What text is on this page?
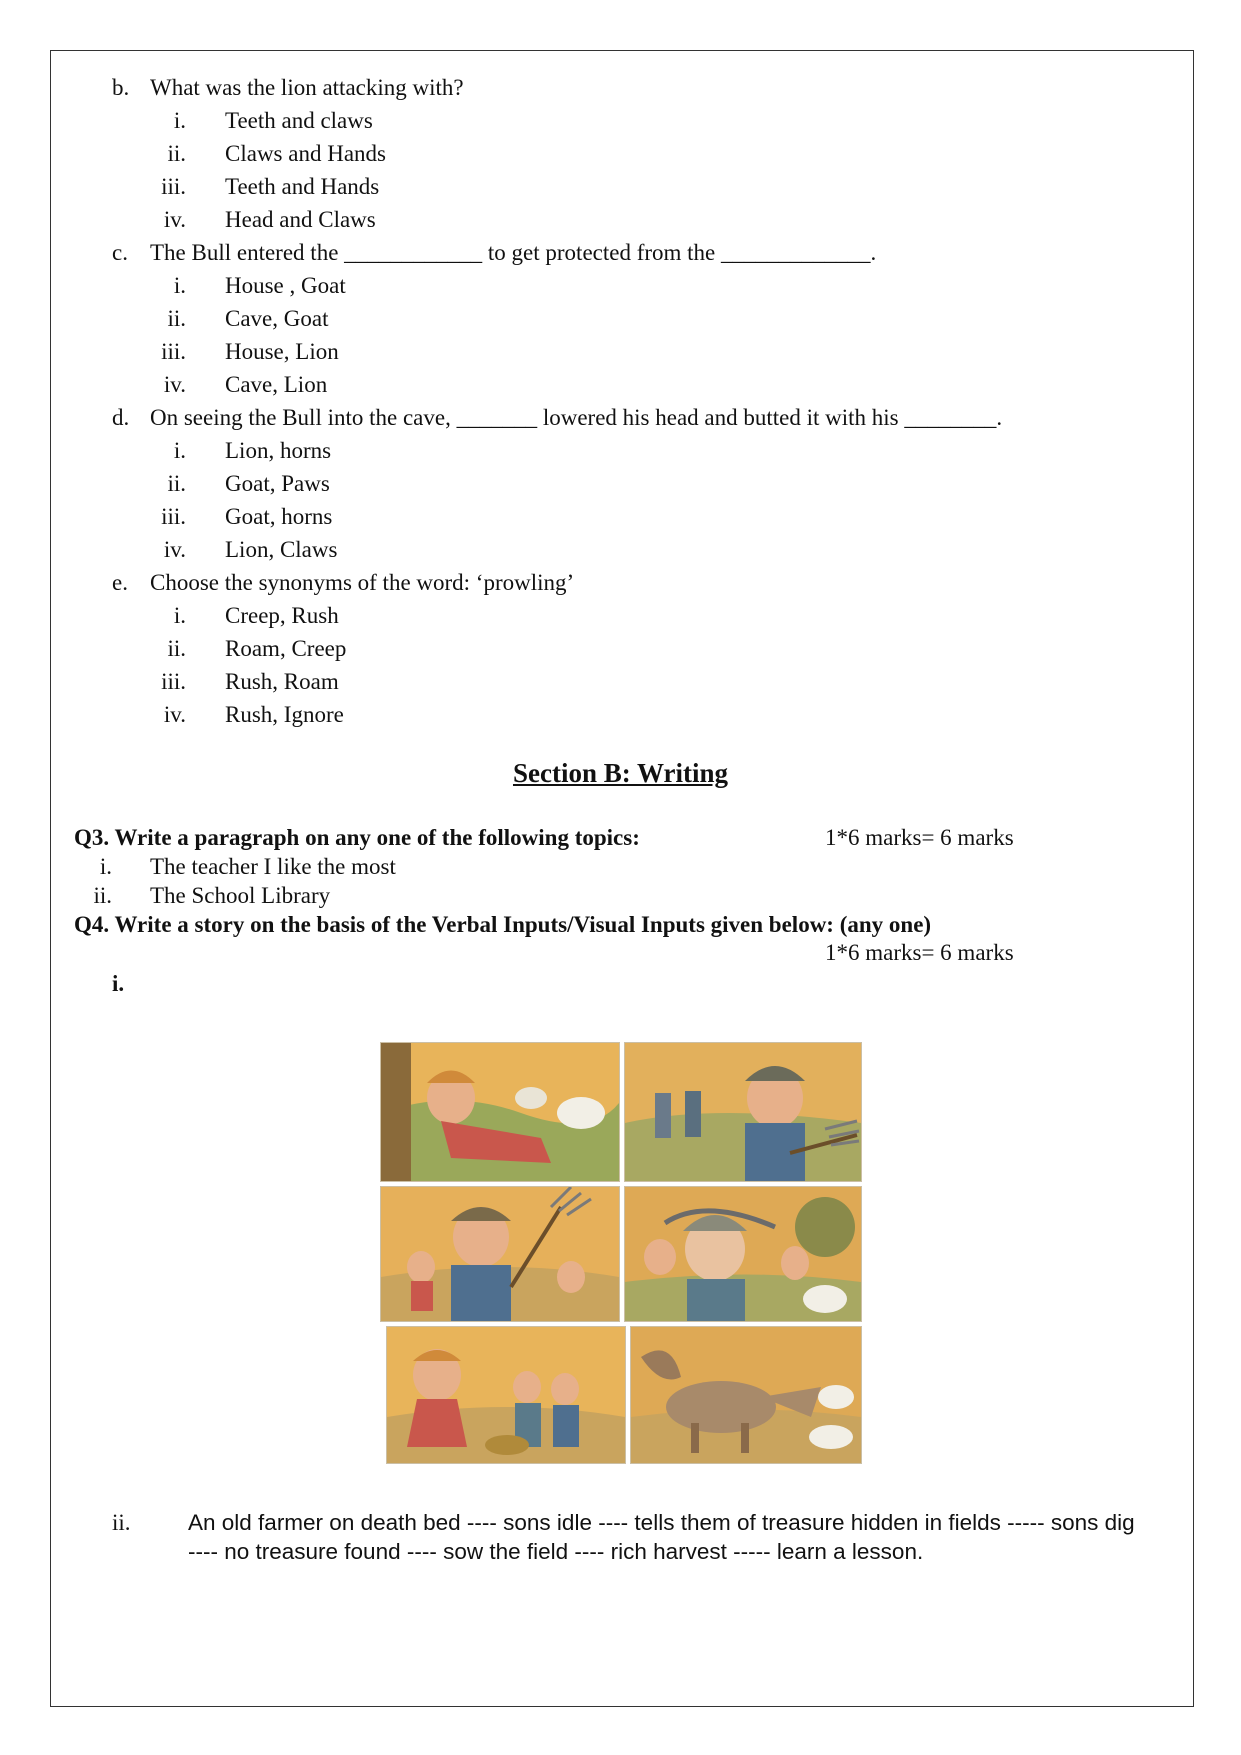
b. What was the lion attacking with?
i. Teeth and claws
ii. Claws and Hands
iii. Teeth and Hands
iv. Head and Claws
c. The Bull entered the ____________ to get protected from the _____________.
i. House , Goat
ii. Cave, Goat
iii. House, Lion
iv. Cave, Lion
d. On seeing the Bull into the cave, _______ lowered his head and butted it with his ________.
i. Lion, horns
ii. Goat, Paws
iii. Goat, horns
iv. Lion, Claws
e. Choose the synonyms of the word: ‘prowling’
i. Creep, Rush
ii. Roam, Creep
iii. Rush, Roam
iv. Rush, Ignore
Section B: Writing
Q3. Write a paragraph on any one of the following topics:	1*6 marks= 6 marks
i. The teacher I like the most
ii. The School Library
Q4. Write a story on the basis of the Verbal Inputs/Visual Inputs given below: (any one)
1*6 marks= 6 marks
i.
ii.	An old farmer on death bed ---- sons idle ---- tells them of treasure hidden in fields ----- sons dig
---- no treasure found ---- sow the field ---- rich harvest ----- learn a lesson.
